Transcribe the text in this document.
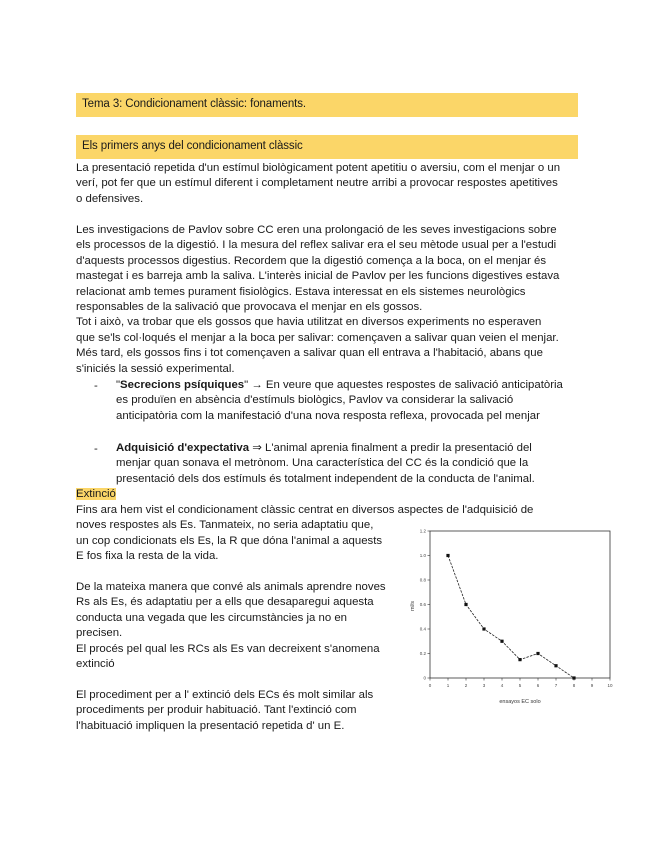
Tema 3: Condicionament clàssic: fonaments.
Els primers anys del condicionament clàssic
La presentació repetida d'un estímul biològicament potent apetitiu o aversiu, com el menjar o un
verí, pot fer que un estímul diferent i completament neutre arribi a provocar respostes apetitives
o defensives.
Les investigacions de Pavlov sobre CC eren una prolongació de les seves investigacions sobre
els processos de la digestió. I la mesura del reflex salivar era el seu mètode usual per a l'estudi
d'aquests processos digestius. Recordem que la digestió comença a la boca, on el menjar és
mastegat i es barreja amb la saliva. L'interès inicial de Pavlov per les funcions digestives estava
relacionat amb temes purament fisiològics. Estava interessat en els sistemes neurològics
responsables de la salivació que provocava el menjar en els gossos.
Tot i això, va trobar que els gossos que havia utilitzat en diversos experiments no esperaven
que se'ls col·loqués el menjar a la boca per salivar: començaven a salivar quan veien el menjar.
Més tard, els gossos fins i tot començaven a salivar quan ell entrava a l'habitació, abans que
s'iniciés la sessió experimental.
- "Secrecions psíquiques" → En veure que aquestes respostes de salivació anticipatòria
es produïen en absència d'estímuls biològics, Pavlov va considerar la salivació
anticipatòria com la manifestació d'una nova resposta reflexa, provocada pel menjar
- Adquisició d'expectativa ⇒ L'animal aprenia finalment a predir la presentació del
menjar quan sonava el metrònom. Una característica del CC és la condició que la
presentació dels dos estímuls és totalment independent de la conducta de l'animal.
Extinció
Fins ara hem vist el condicionament clàssic centrat en diversos aspectes de l'adquisició de
noves respostes als Es. Tanmateix, no seria adaptatiu que,
un cop condicionats els Es, la R que dóna l'animal a aquests
E fos fixa la resta de la vida.
De la mateixa manera que convé als animals aprendre noves
Rs als Es, és adaptatiu per a ells que desaparegui aquesta
conducta una vegada que les circumstàncies ja no en
precisen.
El procés pel qual les RCs als Es van decreixent s'anomena
extinció
El procediment per a l' extinció dels ECs és molt similar als
procediments per produir habituació. Tant l'extinció com
l'habituació impliquen la presentació repetida d' un E.
0	1	2	3	4	5	6	7	8	9	10
0
0.2
0.4
0.6
0.8
1.0
1.2
ensayos EC solo
ml/s
